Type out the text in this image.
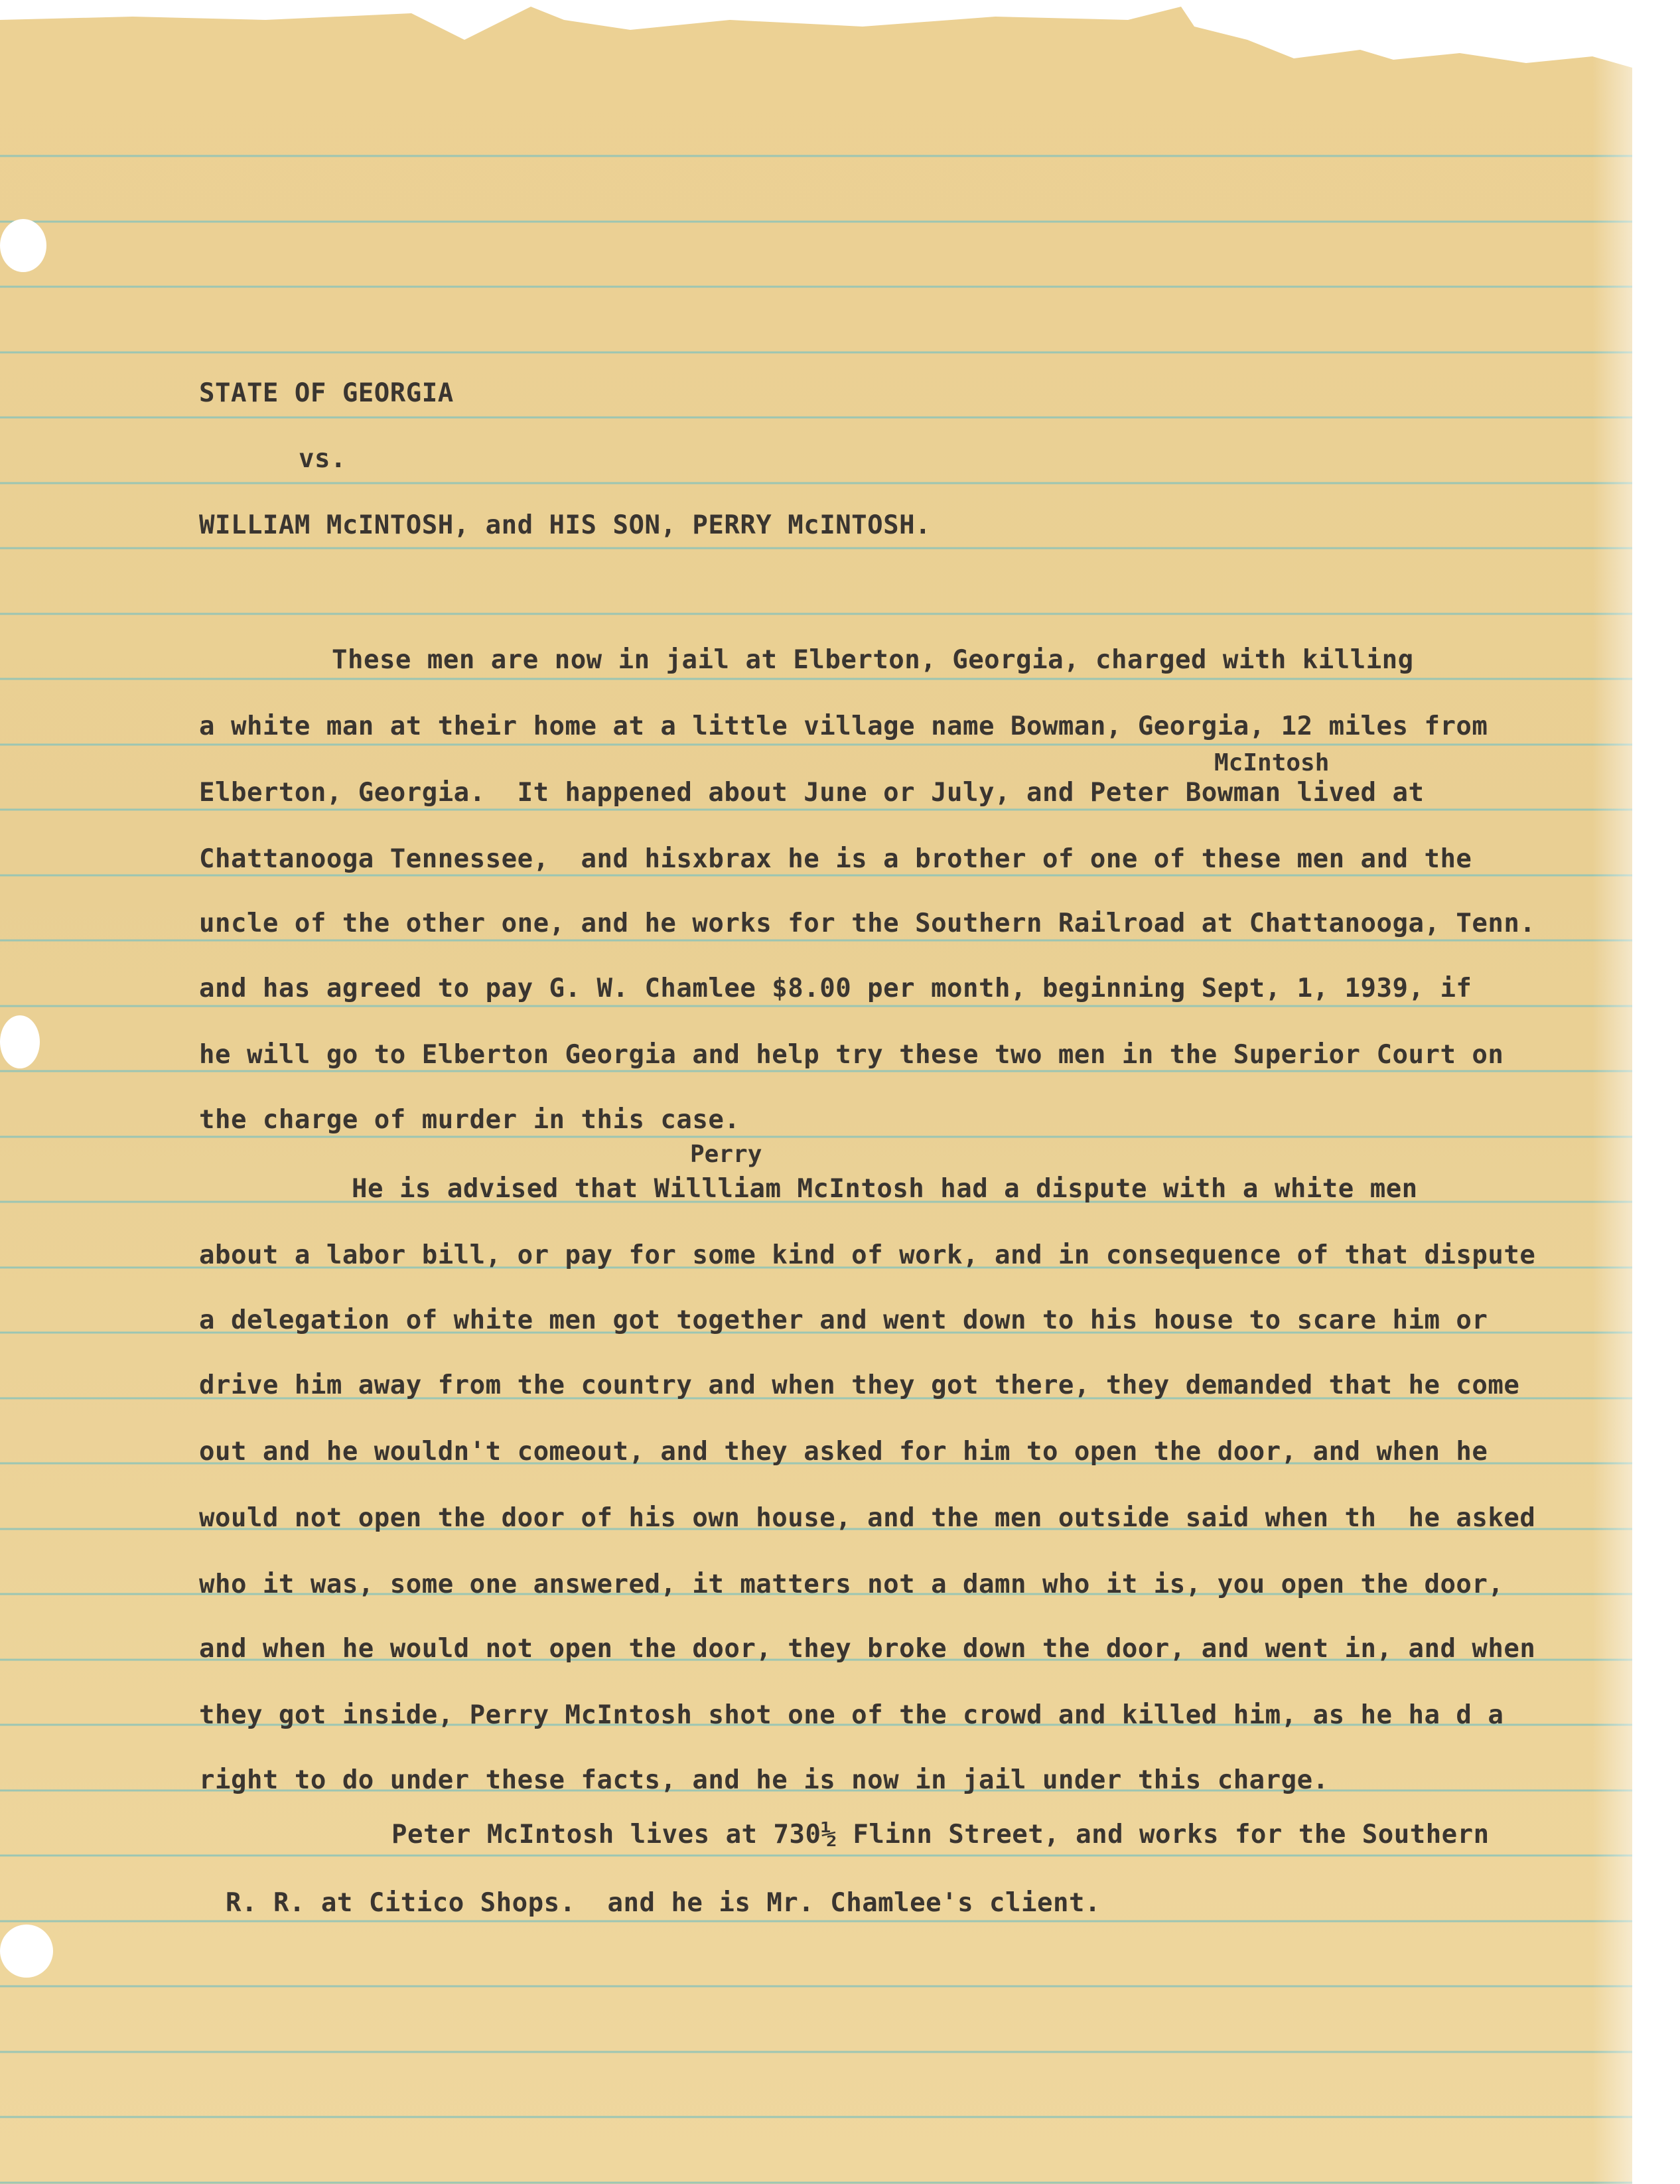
STATE OF GEORGIA
vs.
WILLIAM McINTOSH, and HIS SON, PERRY McINTOSH.
These men are now in jail at Elberton, Georgia, charged with killing
a white man at their home at a little village name Bowman, Georgia, 12 miles from
McIntosh
Elberton, Georgia.  It happened about June or July, and Peter Bowman lived at
Chattanooga Tennessee,  and hisxbrax he is a brother of one of these men and the
uncle of the other one, and he works for the Southern Railroad at Chattanooga, Tenn.
and has agreed to pay G. W. Chamlee $8.00 per month, beginning Sept, 1, 1939, if
he will go to Elberton Georgia and help try these two men in the Superior Court on
the charge of murder in this case.
Perry
He is advised that Willliam McIntosh had a dispute with a white men
about a labor bill, or pay for some kind of work, and in consequence of that dispute
a delegation of white men got together and went down to his house to scare him or
drive him away from the country and when they got there, they demanded that he come
out and he wouldn't comeout, and they asked for him to open the door, and when he
would not open the door of his own house, and the men outside said when th  he asked
who it was, some one answered, it matters not a damn who it is, you open the door,
and when he would not open the door, they broke down the door, and went in, and when
they got inside, Perry McIntosh shot one of the crowd and killed him, as he ha d a
right to do under these facts, and he is now in jail under this charge.
Peter McIntosh lives at 730½ Flinn Street, and works for the Southern
R. R. at Citico Shops.  and he is Mr. Chamlee's client.
